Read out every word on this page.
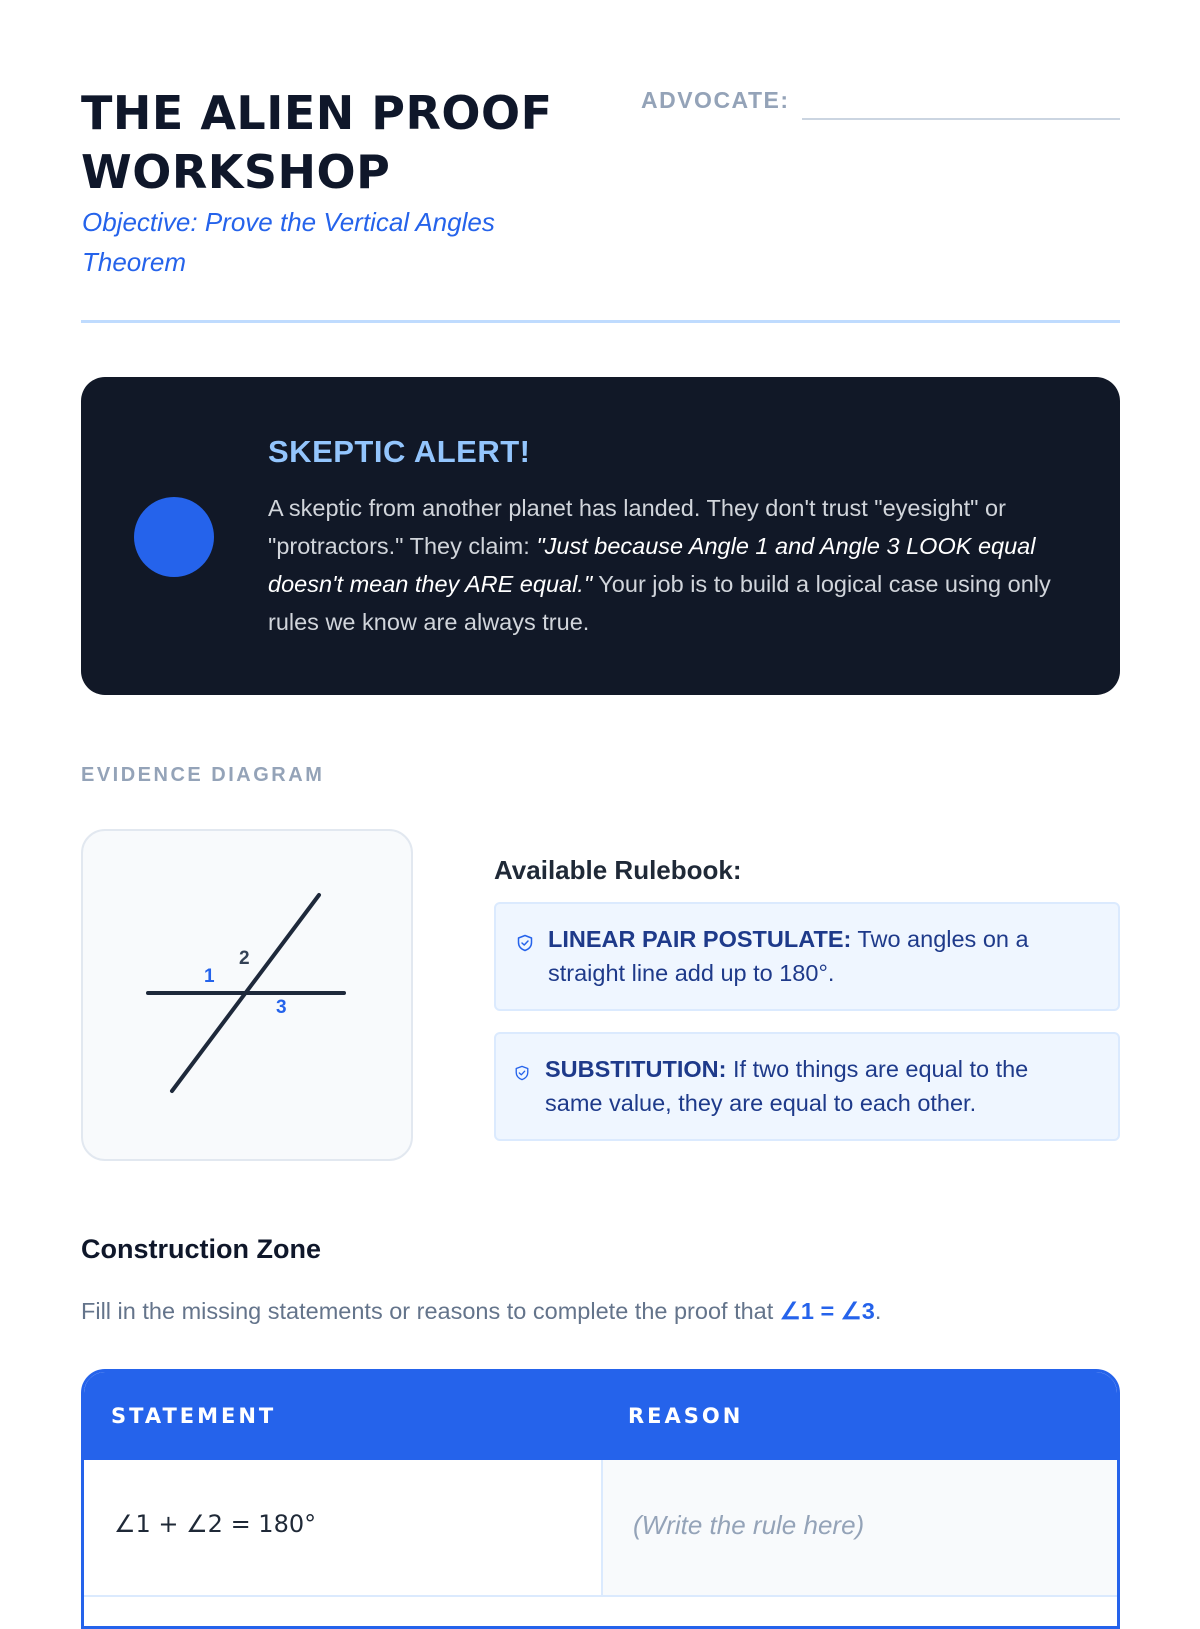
THE ALIEN PROOF WORKSHOP

Objective: Prove the Vertical Angles Theorem

ADVOCATE:
SKEPTIC ALERT!

A skeptic from another planet has landed. They don't trust "eyesight" or "protractors." They claim: "Just because Angle 1 and Angle 3 LOOK equal doesn't mean they ARE equal." Your job is to build a logical case using only rules we know are always true.

EVIDENCE DIAGRAM
1
2
3
Available Rulebook:

LINEAR PAIR POSTULATE: Two angles on a straight line add up to 180°.

SUBSTITUTION: If two things are equal to the same value, they are equal to each other.

Construction Zone

Fill in the missing statements or reasons to complete the proof that ∠1 = ∠3.

STATEMENT	REASON
∠1 + ∠2 = 180°	(Write the rule here)
